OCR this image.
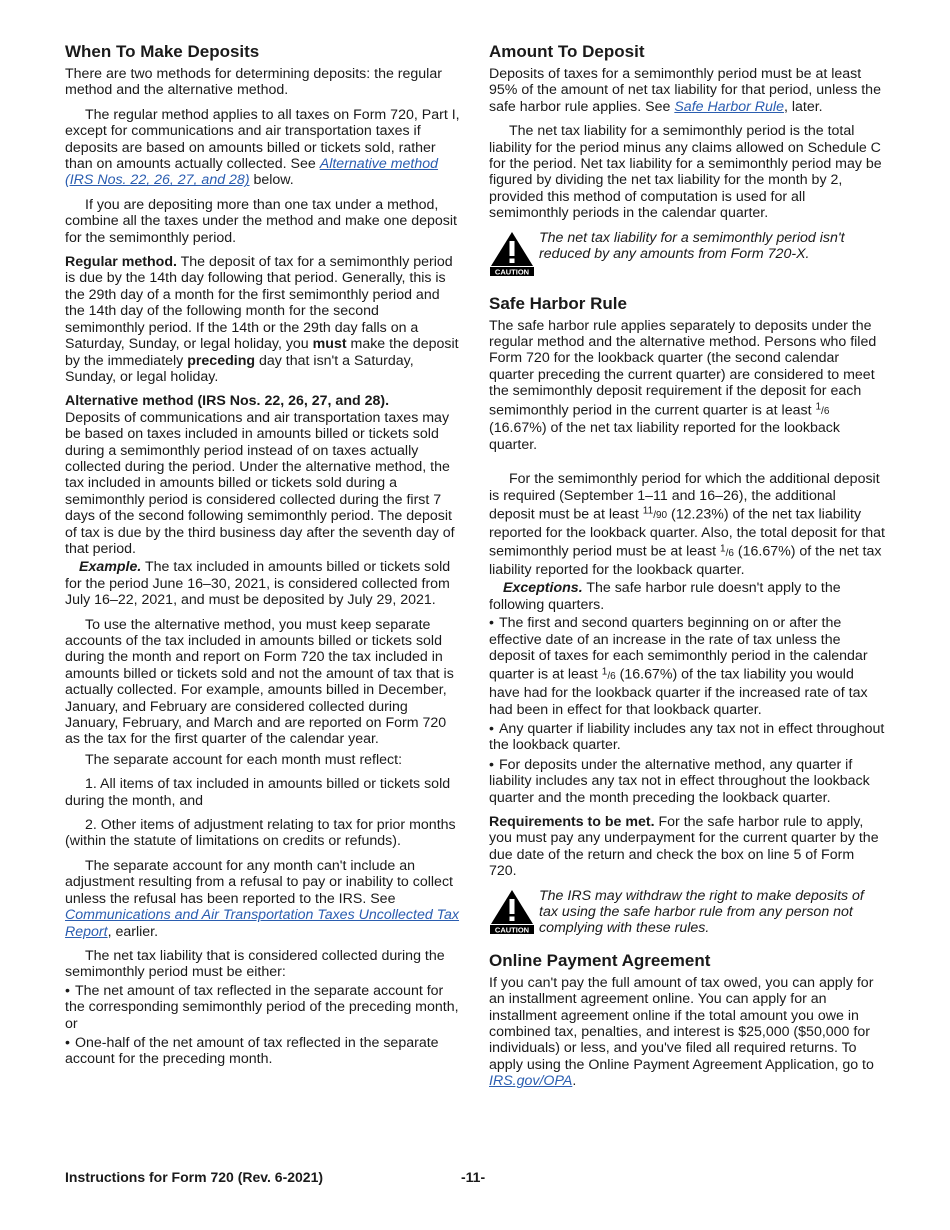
When To Make Deposits

There are two methods for determining deposits: the regular method and the alternative method.

The regular method applies to all taxes on Form 720, Part I, except for communications and air transportation taxes if deposits are based on amounts billed or tickets sold, rather than on amounts actually collected. See Alternative method (IRS Nos. 22, 26, 27, and 28) below.

If you are depositing more than one tax under a method, combine all the taxes under the method and make one deposit for the semimonthly period.

Regular method. The deposit of tax for a semimonthly period is due by the 14th day following that period. Generally, this is the 29th day of a month for the first semimonthly period and the 14th day of the following month for the second semimonthly period. If the 14th or the 29th day falls on a Saturday, Sunday, or legal holiday, you must make the deposit by the immediately preceding day that isn't a Saturday, Sunday, or legal holiday.

Alternative method (IRS Nos. 22, 26, 27, and 28).
Deposits of communications and air transportation taxes may be based on taxes included in amounts billed or tickets sold during a semimonthly period instead of on taxes actually collected during the period. Under the alternative method, the tax included in amounts billed or tickets sold during a semimonthly period is considered collected during the first 7 days of the second following semimonthly period. The deposit of tax is due by the third business day after the seventh day of that period.

Example. The tax included in amounts billed or tickets sold for the period June 16–30, 2021, is considered collected from July 16–22, 2021, and must be deposited by July 29, 2021.

To use the alternative method, you must keep separate accounts of the tax included in amounts billed or tickets sold during the month and report on Form 720 the tax included in amounts billed or tickets sold and not the amount of tax that is actually collected. For example, amounts billed in December, January, and February are considered collected during January, February, and March and are reported on Form 720 as the tax for the first quarter of the calendar year.

The separate account for each month must reflect:

1. All items of tax included in amounts billed or tickets sold during the month, and

2. Other items of adjustment relating to tax for prior months (within the statute of limitations on credits or refunds).

The separate account for any month can't include an adjustment resulting from a refusal to pay or inability to collect unless the refusal has been reported to the IRS. See Communications and Air Transportation Taxes Uncollected Tax Report, earlier.

The net tax liability that is considered collected during the semimonthly period must be either:

• The net amount of tax reflected in the separate account for the corresponding semimonthly period of the preceding month, or
• One-half of the net amount of tax reflected in the separate account for the preceding month.
Amount To Deposit

Deposits of taxes for a semimonthly period must be at least 95% of the amount of net tax liability for that period, unless the safe harbor rule applies. See Safe Harbor Rule, later.

The net tax liability for a semimonthly period is the total liability for the period minus any claims allowed on Schedule C for the period. Net tax liability for a semimonthly period may be figured by dividing the net tax liability for the month by 2, provided this method of computation is used for all semimonthly periods in the calendar quarter.

CAUTION
The net tax liability for a semimonthly period isn't reduced by any amounts from Form 720-X.
Safe Harbor Rule

The safe harbor rule applies separately to deposits under the regular method and the alternative method. Persons who filed Form 720 for the lookback quarter (the second calendar quarter preceding the current quarter) are considered to meet the semimonthly deposit requirement if the deposit for each semimonthly period in the current quarter is at least $^1$/6 (16.67%) of the net tax liability reported for the lookback quarter.

For the semimonthly period for which the additional deposit is required (September 1–11 and 16–26), the additional deposit must be at least $^{11}$/90 (12.23%) of the net tax liability reported for the lookback quarter. Also, the total deposit for that semimonthly period must be at least $^1$/6 (16.67%) of the net tax liability reported for the lookback quarter.

Exceptions. The safe harbor rule doesn't apply to the following quarters.

• The first and second quarters beginning on or after the effective date of an increase in the rate of tax unless the deposit of taxes for each semimonthly period in the calendar quarter is at least $^1$/6 (16.67%) of the tax liability you would have had for the lookback quarter if the increased rate of tax had been in effect for that lookback quarter.
• Any quarter if liability includes any tax not in effect throughout the lookback quarter.
• For deposits under the alternative method, any quarter if liability includes any tax not in effect throughout the lookback quarter and the month preceding the lookback quarter.

Requirements to be met. For the safe harbor rule to apply, you must pay any underpayment for the current quarter by the due date of the return and check the box on line 5 of Form 720.

CAUTION
The IRS may withdraw the right to make deposits of tax using the safe harbor rule from any person not complying with these rules.
Online Payment Agreement

If you can't pay the full amount of tax owed, you can apply for an installment agreement online. You can apply for an installment agreement online if the total amount you owe in combined tax, penalties, and interest is $25,000 ($50,000 for individuals) or less, and you've filed all required returns. To apply using the Online Payment Agreement Application, go to IRS.gov/OPA.

Instructions for Form 720 (Rev. 6-2021)	-11-
